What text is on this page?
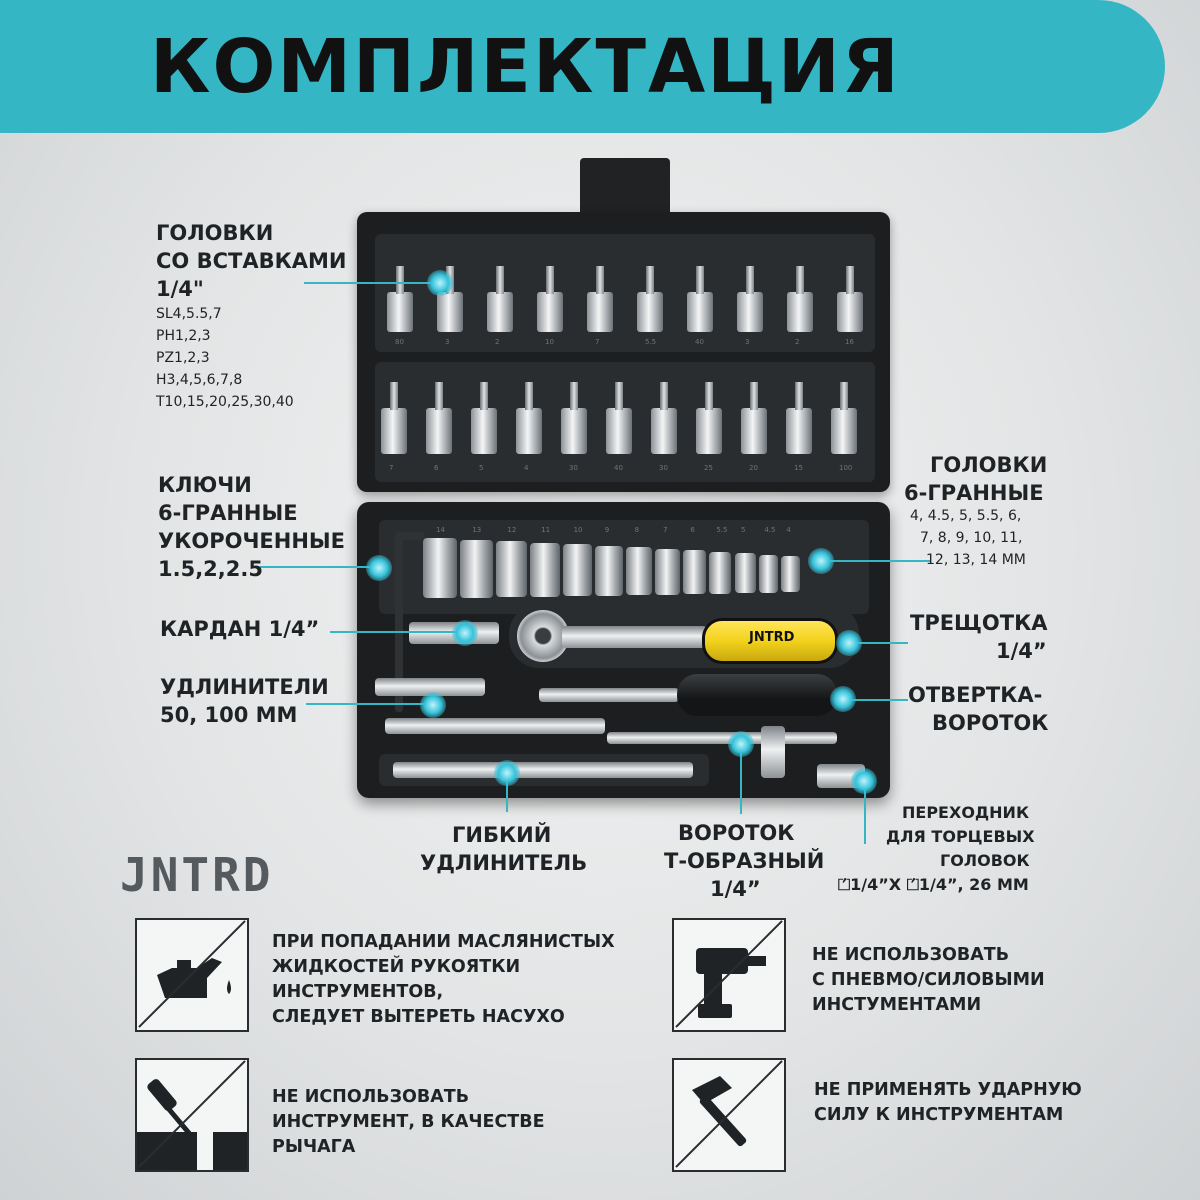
КОМПЛЕКТАЦИЯ
80	3	2	10	7	5.5	40	3	2	16
7	6	5	4	30	40	30	25	20	15	100
14	13	12	11	10	9	8	7	6	5.5 5	4.5 4
JNTRD
ГОЛОВКИ
СО ВСТАВКАМИ
1/4"
SL4,5.5,7
PH1,2,3
PZ1,2,3
H3,4,5,6,7,8
T10,15,20,25,30,40
КЛЮЧИ
6-ГРАННЫЕ
УКОРОЧЕННЫЕ
1.5,2,2.5
КАРДАН 1/4”
УДЛИНИТЕЛИ
50, 100 ММ
ГИБКИЙ
УДЛИНИТЕЛЬ
ВОРОТОК
Т-ОБРАЗНЫЙ
1/4”
ГОЛОВКИ
6-ГРАННЫЕ
4, 4.5, 5, 5.5, 6,
7, 8, 9, 10, 11,
12, 13, 14 ММ
ТРЕЩОТКА
1/4”
ОТВЕРТКА-
ВОРОТОК
ПЕРЕХОДНИК
ДЛЯ ТОРЦЕВЫХ
ГОЛОВОК
⏍1/4”Х ⏍1/4”, 26 ММ
JNTRD
ПРИ ПОПАДАНИИ МАСЛЯНИСТЫХ
ЖИДКОСТЕЙ РУКОЯТКИ
ИНСТРУМЕНТОВ,
СЛЕДУЕТ ВЫТЕРЕТЬ НАСУХО
НЕ ИСПОЛЬЗОВАТЬ
С ПНЕВМО/СИЛОВЫМИ
ИНСТУМЕНТАМИ
НЕ ИСПОЛЬЗОВАТЬ
ИНСТРУМЕНТ, В КАЧЕСТВЕ
РЫЧАГА
НЕ ПРИМЕНЯТЬ УДАРНУЮ
СИЛУ К ИНСТРУМЕНТАМ
